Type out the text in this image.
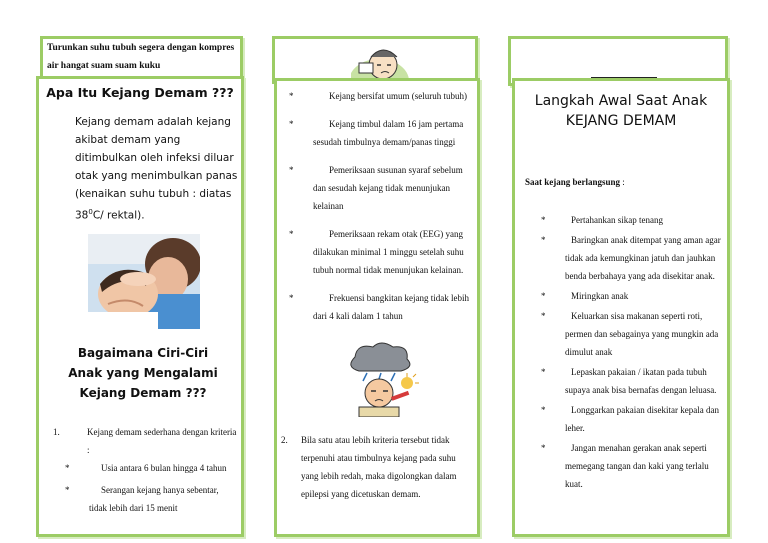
Turunkan suhu tubuh segera dengan kompres air hangat suam suam kuku

Apa Itu Kejang Demam ???

Kejang demam adalah kejang akibat demam yang ditimbulkan oleh infeksi diluar otak yang menimbulkan panas (kenaikan suhu tubuh : diatas $38^0C/$ rektal).

Bagaimana Ciri-Ciri Anak yang Mengalami Kejang Demam ???

1.	Kejang demam sederhana dengan kriteria :
*	Usia antara 6 bulan hingga 4 tahun
*	Serangan kejang hanya sebentar, tidak lebih dari 15 menit
*	Kejang bersifat umum (seluruh tubuh)
*	Kejang timbul dalam 16 jam pertama sesudah timbulnya demam/panas tinggi
*	Pemeriksaan susunan syaraf sebelum dan sesudah kejang tidak menunjukan kelainan
*	Pemeriksaan rekam otak (EEG) yang dilakukan minimal 1 minggu setelah suhu tubuh normal tidak menunjukan kelainan.
*	Frekuensi bangkitan kejang tidak lebih dari 4 kali dalam 1 tahun
2.	Bila satu atau lebih kriteria tersebut tidak terpenuhi atau timbulnya kejang pada suhu yang lebih redah, maka digolongkan dalam epilepsi yang dicetuskan demam.

Langkah Awal Saat Anak
KEJANG DEMAM

Saat kejang berlangsung :

*	Pertahankan sikap tenang
*	Baringkan anak ditempat yang aman agar tidak ada kemungkinan jatuh dan jauhkan benda berbahaya yang ada disekitar anak.
*	Miringkan anak
*	Keluarkan sisa makanan seperti roti, permen dan sebagainya yang mungkin ada dimulut anak
*	Lepaskan pakaian / ikatan pada tubuh supaya anak bisa bernafas dengan leluasa.
*	Longgarkan pakaian disekitar kepala dan leher.
*	Jangan menahan gerakan anak seperti memegang tangan dan kaki yang terlalu kuat.
